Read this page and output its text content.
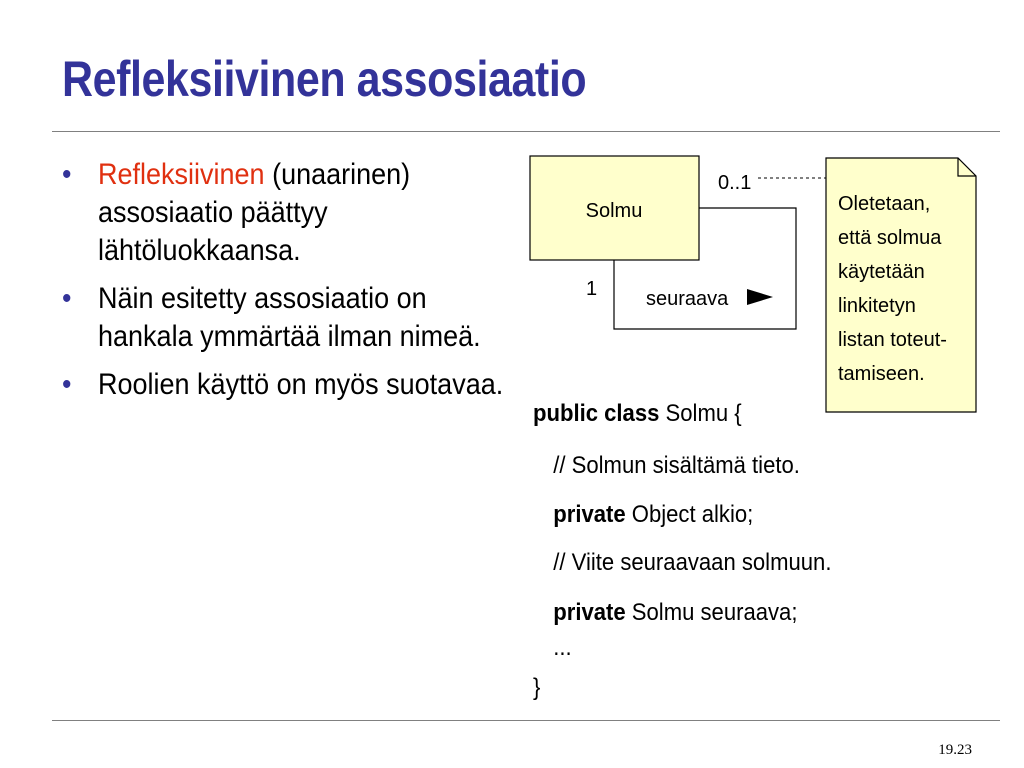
Refleksiivinen assosiaatio
• Refleksiivinen (unaarinen) assosiaatio päättyy lähtöluokkaansa.
• Näin esitetty assosiaatio on hankala ymmärtää ilman nimeä.
• Roolien käyttö on myös suotavaa.
Solmu
0..1
1 seuraava
Oletetaan,
että solmua
käytetään
linkitetyn
listan toteut-
tamiseen.
public class Solmu {
// Solmun sisältämä tieto.
private Object alkio;
// Viite seuraavaan solmuun.
private Solmu seuraava;
...
}
19.23
